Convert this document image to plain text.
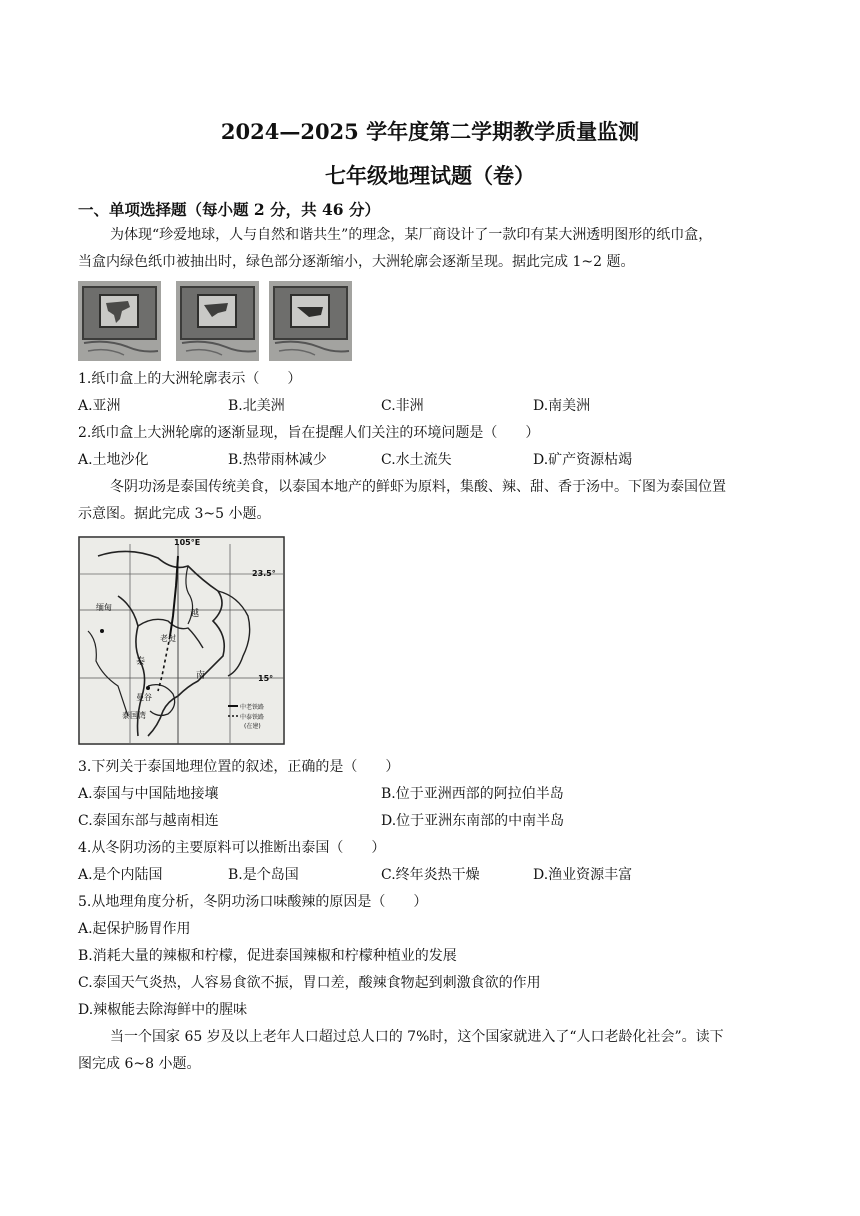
2024—2025 学年度第二学期教学质量监测
七年级地理试题（卷）
一、单项选择题（每小题 2 分，共 46 分）
为体现“珍爱地球，人与自然和谐共生”的理念，某厂商设计了一款印有某大洲透明图形的纸巾盒，
当盒内绿色纸巾被抽出时，绿色部分逐渐缩小，大洲轮廓会逐渐呈现。据此完成 1~2 题。
1.纸巾盒上的大洲轮廓表示（　　）
A.亚洲	B.北美洲	C.非洲	D.南美洲
2.纸巾盒上大洲轮廓的逐渐显现，旨在提醒人们关注的环境问题是（　　）
A.土地沙化	B.热带雨林减少	C.水土流失	D.矿产资源枯竭
冬阴功汤是泰国传统美食，以泰国本地产的鲜虾为原料，集酸、辣、甜、香于汤中。下图为泰国位置
示意图。据此完成 3~5 小题。
105°E
23.5°
15°
缅甸
老挝
越
泰
南
曼谷
泰国湾
中老铁路
中泰铁路
(在建)
3.下列关于泰国地理位置的叙述，正确的是（　　）
A.泰国与中国陆地接壤	B.位于亚洲西部的阿拉伯半岛
C.泰国东部与越南相连	D.位于亚洲东南部的中南半岛
4.从冬阴功汤的主要原料可以推断出泰国（　　）
A.是个内陆国	B.是个岛国	C.终年炎热干燥	D.渔业资源丰富
5.从地理角度分析，冬阴功汤口味酸辣的原因是（　　）
A.起保护肠胃作用
B.消耗大量的辣椒和柠檬，促进泰国辣椒和柠檬种植业的发展
C.泰国天气炎热，人容易食欲不振，胃口差，酸辣食物起到刺激食欲的作用
D.辣椒能去除海鲜中的腥味
当一个国家 65 岁及以上老年人口超过总人口的 7%时，这个国家就进入了“人口老龄化社会”。读下
图完成 6~8 小题。
